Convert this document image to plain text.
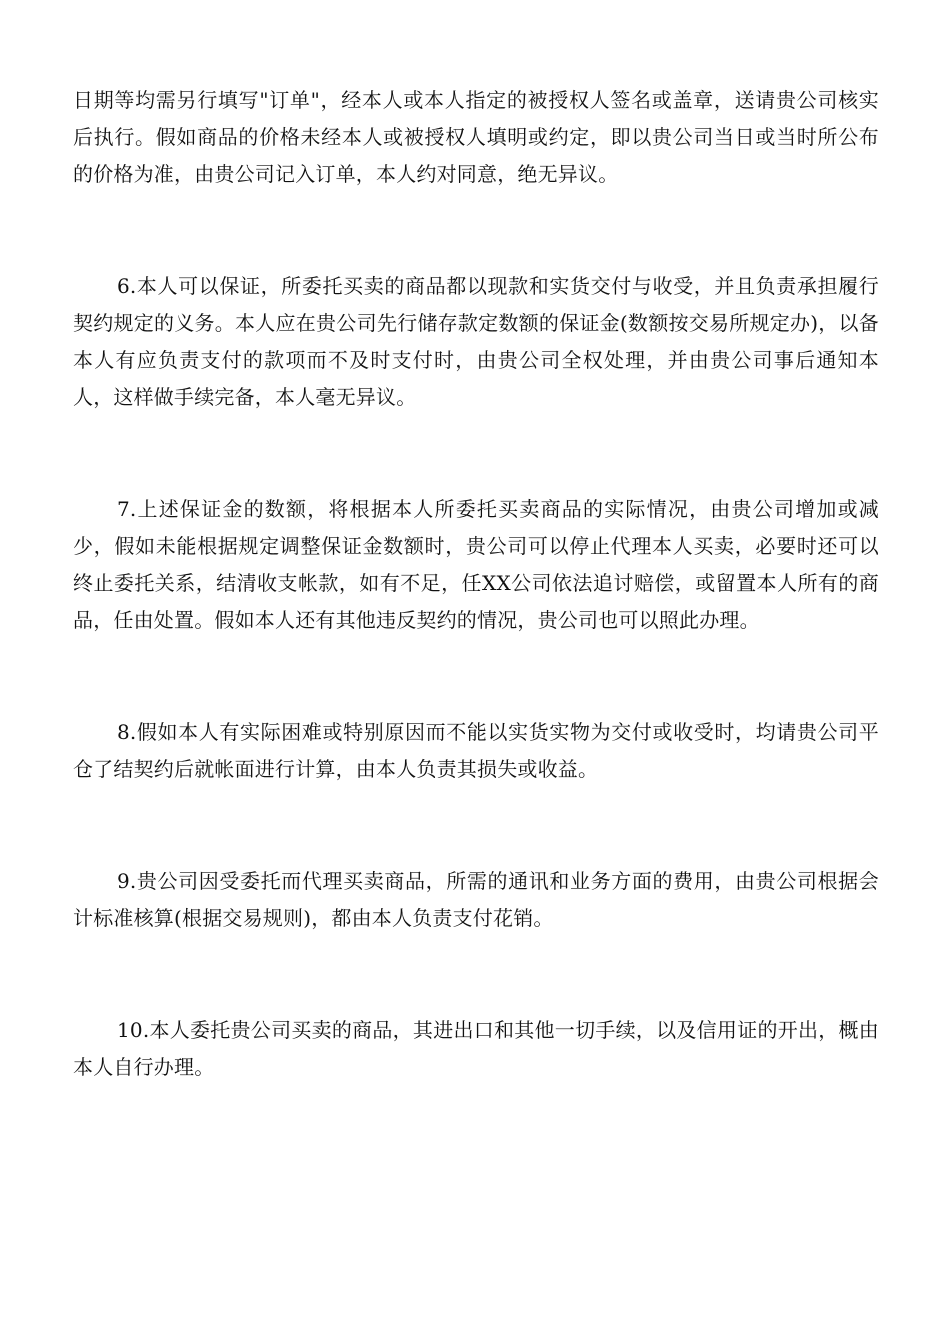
日期等均需另行填写"订单"，经本人或本人指定的被授权人签名或盖章，送请贵公司核实后执行。假如商品的价格未经本人或被授权人填明或约定，即以贵公司当日或当时所公布的价格为准，由贵公司记入订单，本人约对同意，绝无异议。

6.本人可以保证，所委托买卖的商品都以现款和实货交付与收受，并且负责承担履行契约规定的义务。本人应在贵公司先行储存款定数额的保证金(数额按交易所规定办)，以备本人有应负责支付的款项而不及时支付时，由贵公司全权处理，并由贵公司事后通知本人，这样做手续完备，本人毫无异议。

7.上述保证金的数额，将根据本人所委托买卖商品的实际情况，由贵公司增加或减少，假如未能根据规定调整保证金数额时，贵公司可以停止代理本人买卖，必要时还可以终止委托关系，结清收支帐款，如有不足，任XX公司依法追讨赔偿，或留置本人所有的商品，任由处置。假如本人还有其他违反契约的情况，贵公司也可以照此办理。

8.假如本人有实际困难或特别原因而不能以实货实物为交付或收受时，均请贵公司平仓了结契约后就帐面进行计算，由本人负责其损失或收益。

9.贵公司因受委托而代理买卖商品，所需的通讯和业务方面的费用，由贵公司根据会计标准核算(根据交易规则)，都由本人负责支付花销。

10.本人委托贵公司买卖的商品，其进出口和其他一切手续，以及信用证的开出，概由本人自行办理。
